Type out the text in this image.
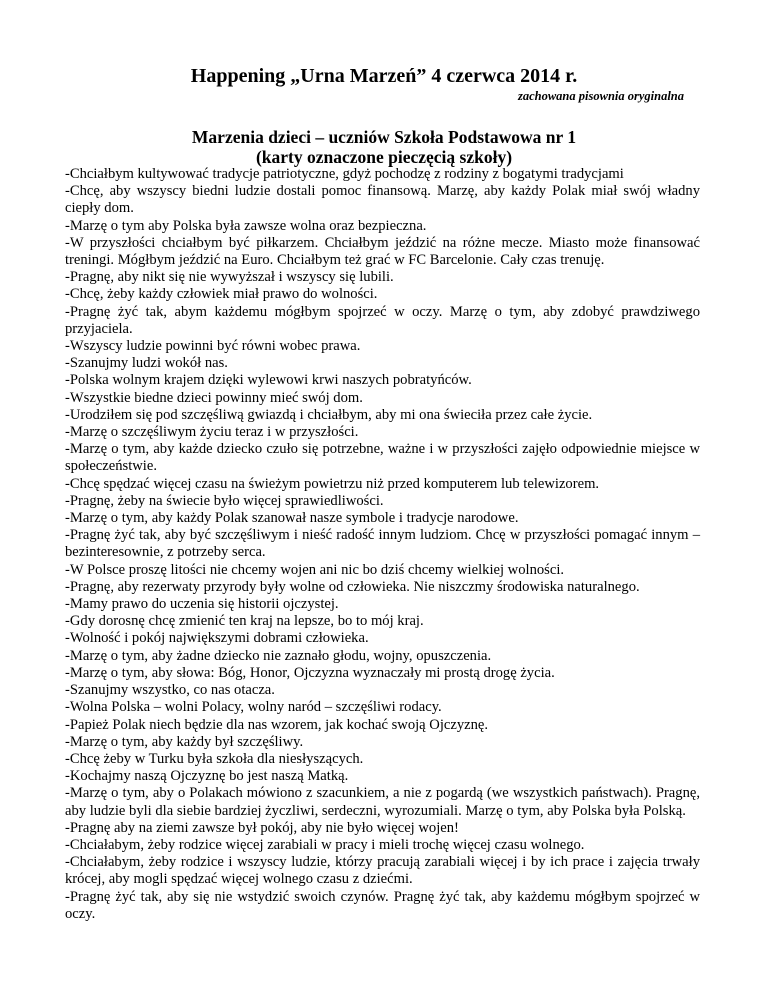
Happening „Urna Marzeń” 4 czerwca 2014 r.
zachowana pisownia oryginalna
Marzenia dzieci – uczniów Szkoła Podstawowa nr 1
(karty oznaczone pieczęcią szkoły)

-Chciałbym kultywować tradycje patriotyczne, gdyż pochodzę z rodziny z bogatymi tradycjami

-Chcę, aby wszyscy biedni ludzie dostali pomoc finansową. Marzę, aby każdy Polak miał swój władny ciepły dom.

-Marzę o tym aby Polska była zawsze wolna oraz bezpieczna.

-W przyszłości chciałbym być piłkarzem. Chciałbym jeździć na różne mecze. Miasto może finansować treningi. Mógłbym jeździć na Euro. Chciałbym też grać w FC Barcelonie. Cały czas trenuję.

-Pragnę, aby nikt się nie wywyższał i wszyscy się lubili.

-Chcę, żeby każdy człowiek miał prawo do wolności.

-Pragnę żyć tak, abym każdemu mógłbym spojrzeć w oczy. Marzę o tym, aby zdobyć prawdziwego przyjaciela.

-Wszyscy ludzie powinni być równi wobec prawa.

-Szanujmy ludzi wokół nas.

-Polska wolnym krajem dzięki wylewowi krwi naszych pobratyńców.

-Wszystkie biedne dzieci powinny mieć swój dom.

-Urodziłem się pod szczęśliwą gwiazdą i chciałbym, aby mi ona świeciła przez całe życie.

-Marzę o szczęśliwym życiu teraz i w przyszłości.

-Marzę o tym, aby każde dziecko czuło się potrzebne, ważne i w przyszłości zajęło odpowiednie miejsce w społeczeństwie.

-Chcę spędzać więcej czasu na świeżym powietrzu niż przed komputerem lub telewizorem.

-Pragnę, żeby na świecie było więcej sprawiedliwości.

-Marzę o tym, aby każdy Polak szanował nasze symbole i tradycje narodowe.

-Pragnę żyć tak, aby być szczęśliwym i nieść radość innym ludziom. Chcę w przyszłości pomagać innym – bezinteresownie, z potrzeby serca.

-W Polsce proszę litości nie chcemy wojen ani nic bo dziś chcemy wielkiej wolności.

-Pragnę, aby rezerwaty przyrody były wolne od człowieka. Nie niszczmy środowiska naturalnego.

-Mamy prawo do uczenia się historii ojczystej.

-Gdy dorosnę chcę zmienić ten kraj na lepsze, bo to mój kraj.

-Wolność i pokój największymi dobrami człowieka.

-Marzę o tym, aby żadne dziecko nie zaznało głodu, wojny, opuszczenia.

-Marzę o tym, aby słowa: Bóg, Honor, Ojczyzna wyznaczały mi prostą drogę życia.

-Szanujmy wszystko, co nas otacza.

-Wolna Polska – wolni Polacy, wolny naród – szczęśliwi rodacy.

-Papież Polak niech będzie dla nas wzorem, jak kochać swoją Ojczyznę.

-Marzę o tym, aby każdy był szczęśliwy.

-Chcę żeby w Turku była szkoła dla niesłyszących.

-Kochajmy naszą Ojczyznę bo jest naszą Matką.

-Marzę o tym, aby o Polakach mówiono z szacunkiem, a nie z pogardą (we wszystkich państwach). Pragnę, aby ludzie byli dla siebie bardziej życzliwi, serdeczni, wyrozumiali. Marzę o tym, aby Polska była Polską.

-Pragnę aby na ziemi zawsze był pokój, aby nie było więcej wojen!

-Chciałabym, żeby rodzice więcej zarabiali w pracy i mieli trochę więcej czasu wolnego.

-Chciałabym, żeby rodzice i wszyscy ludzie, którzy pracują zarabiali więcej i by ich prace i zajęcia trwały krócej, aby mogli spędzać więcej wolnego czasu z dziećmi.

-Pragnę żyć tak, aby się nie wstydzić swoich czynów. Pragnę żyć tak, aby każdemu mógłbym spojrzeć w oczy.
